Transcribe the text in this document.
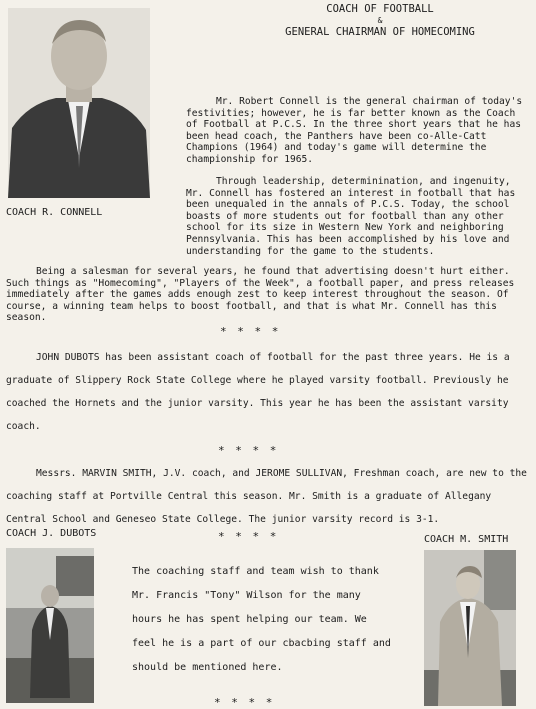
COACH OF FOOTBALL
&
GENERAL CHAIRMAN OF HOMECOMING
COACH R. CONNELL
Mr. Robert Connell is the general chairman of today's festivities; however, he is far better known as the Coach of Football at P.C.S. In the three short years that he has been head coach, the Panthers have been co-Alle-Catt Champions (1964) and today's game will determine the championship for 1965.
Through leadership, determinination, and ingenuity, Mr. Connell has fostered an interest in football that has been unequaled in the annals of P.C.S. Today, the school boasts of more students out for football than any other school for its size in Western New York and neighboring Pennsylvania. This has been accomplished by his love and understanding for the game to the students.
Being a salesman for several years, he found that advertising doesn't hurt either. Such things as "Homecoming", "Players of the Week", a football paper, and press releases immediately after the games adds enough zest to keep interest throughout the season. Of course, a winning team helps to boost football, and that is what Mr. Connell has this season.
* * * *
JOHN DUBOTS has been assistant coach of football for the past three years. He is a graduate of Slippery Rock State College where he played varsity football. Previously he coached the Hornets and the junior varsity. This year he has been the assistant varsity coach.
* * * *
Messrs. MARVIN SMITH, J.V. coach, and JEROME SULLIVAN, Freshman coach, are new to the coaching staff at Portville Central this season. Mr. Smith is a graduate of Allegany Central School and Geneseo State College. The junior varsity record is 3-1.
COACH J. DUBOTS	* * * *	COACH M. SMITH
The coaching staff and team wish to thank Mr. Francis "Tony" Wilson for the many hours he has spent helping our team. We feel he is a part of our cbacbing staff and should be mentioned here.
* * * *
